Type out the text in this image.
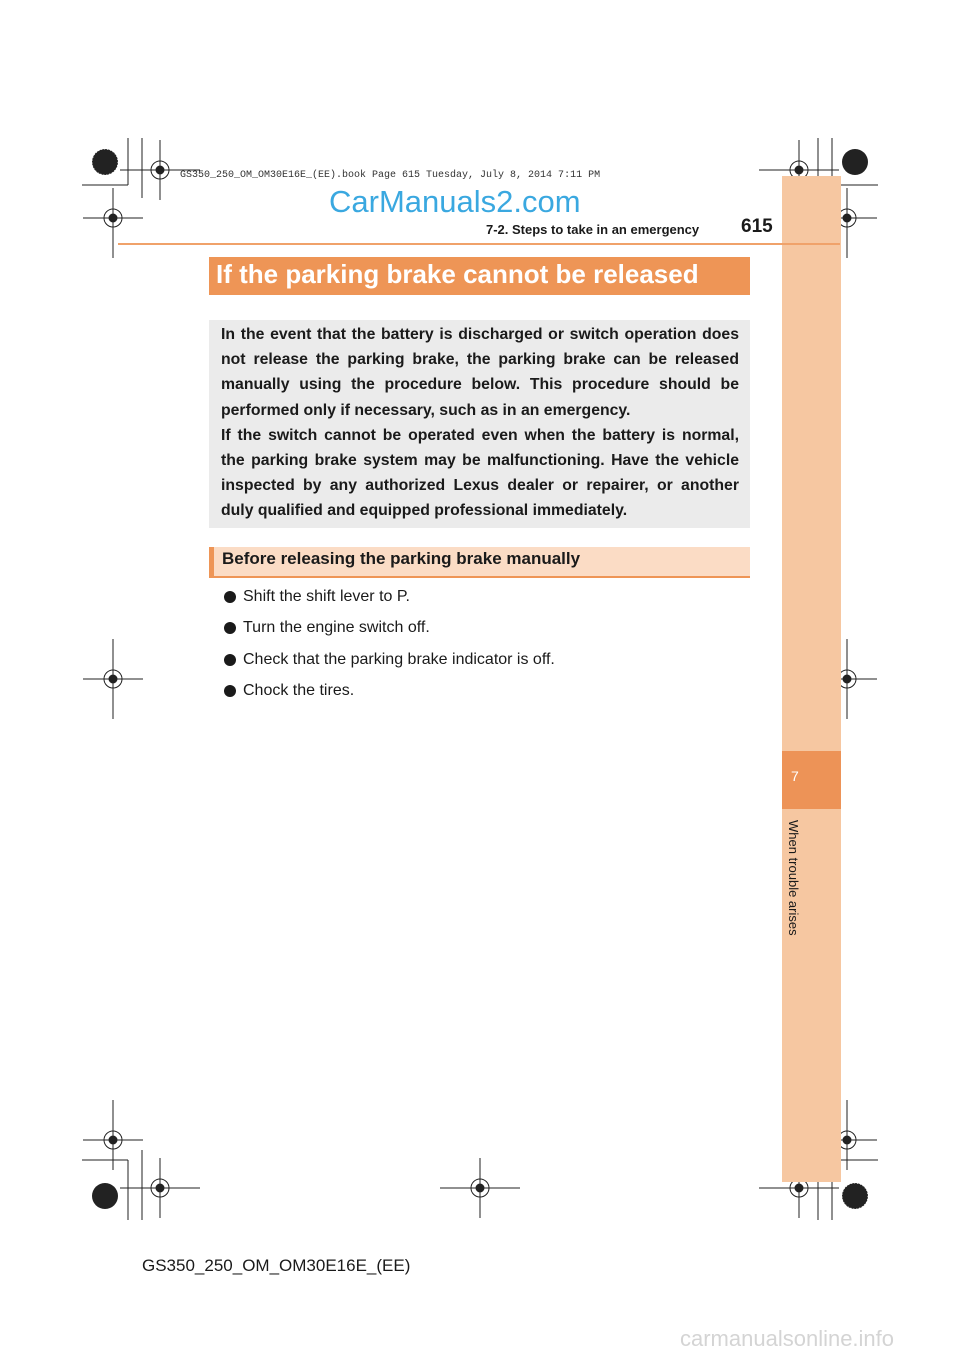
GS350_250_OM_OM30E16E_(EE).book Page 615 Tuesday, July 8, 2014 7:11 PM
CarManuals2.com
7
When trouble arises
7-2. Steps to take in an emergency 615
If the parking brake cannot be released

In the event that the battery is discharged or switch operation does not release the parking brake, the parking brake can be released manually using the procedure below. This procedure should be performed only if necessary, such as in an emergency.

If the switch cannot be operated even when the battery is normal, the parking brake system may be malfunctioning. Have the vehicle inspected by any authorized Lexus dealer or repairer, or another duly qualified and equipped professional immediately.

Before releasing the parking brake manually
Shift the shift lever to P.
Turn the engine switch off.
Check that the parking brake indicator is off.
Chock the tires.
GS350_250_OM_OM30E16E_(EE)
carmanualsonline.info
